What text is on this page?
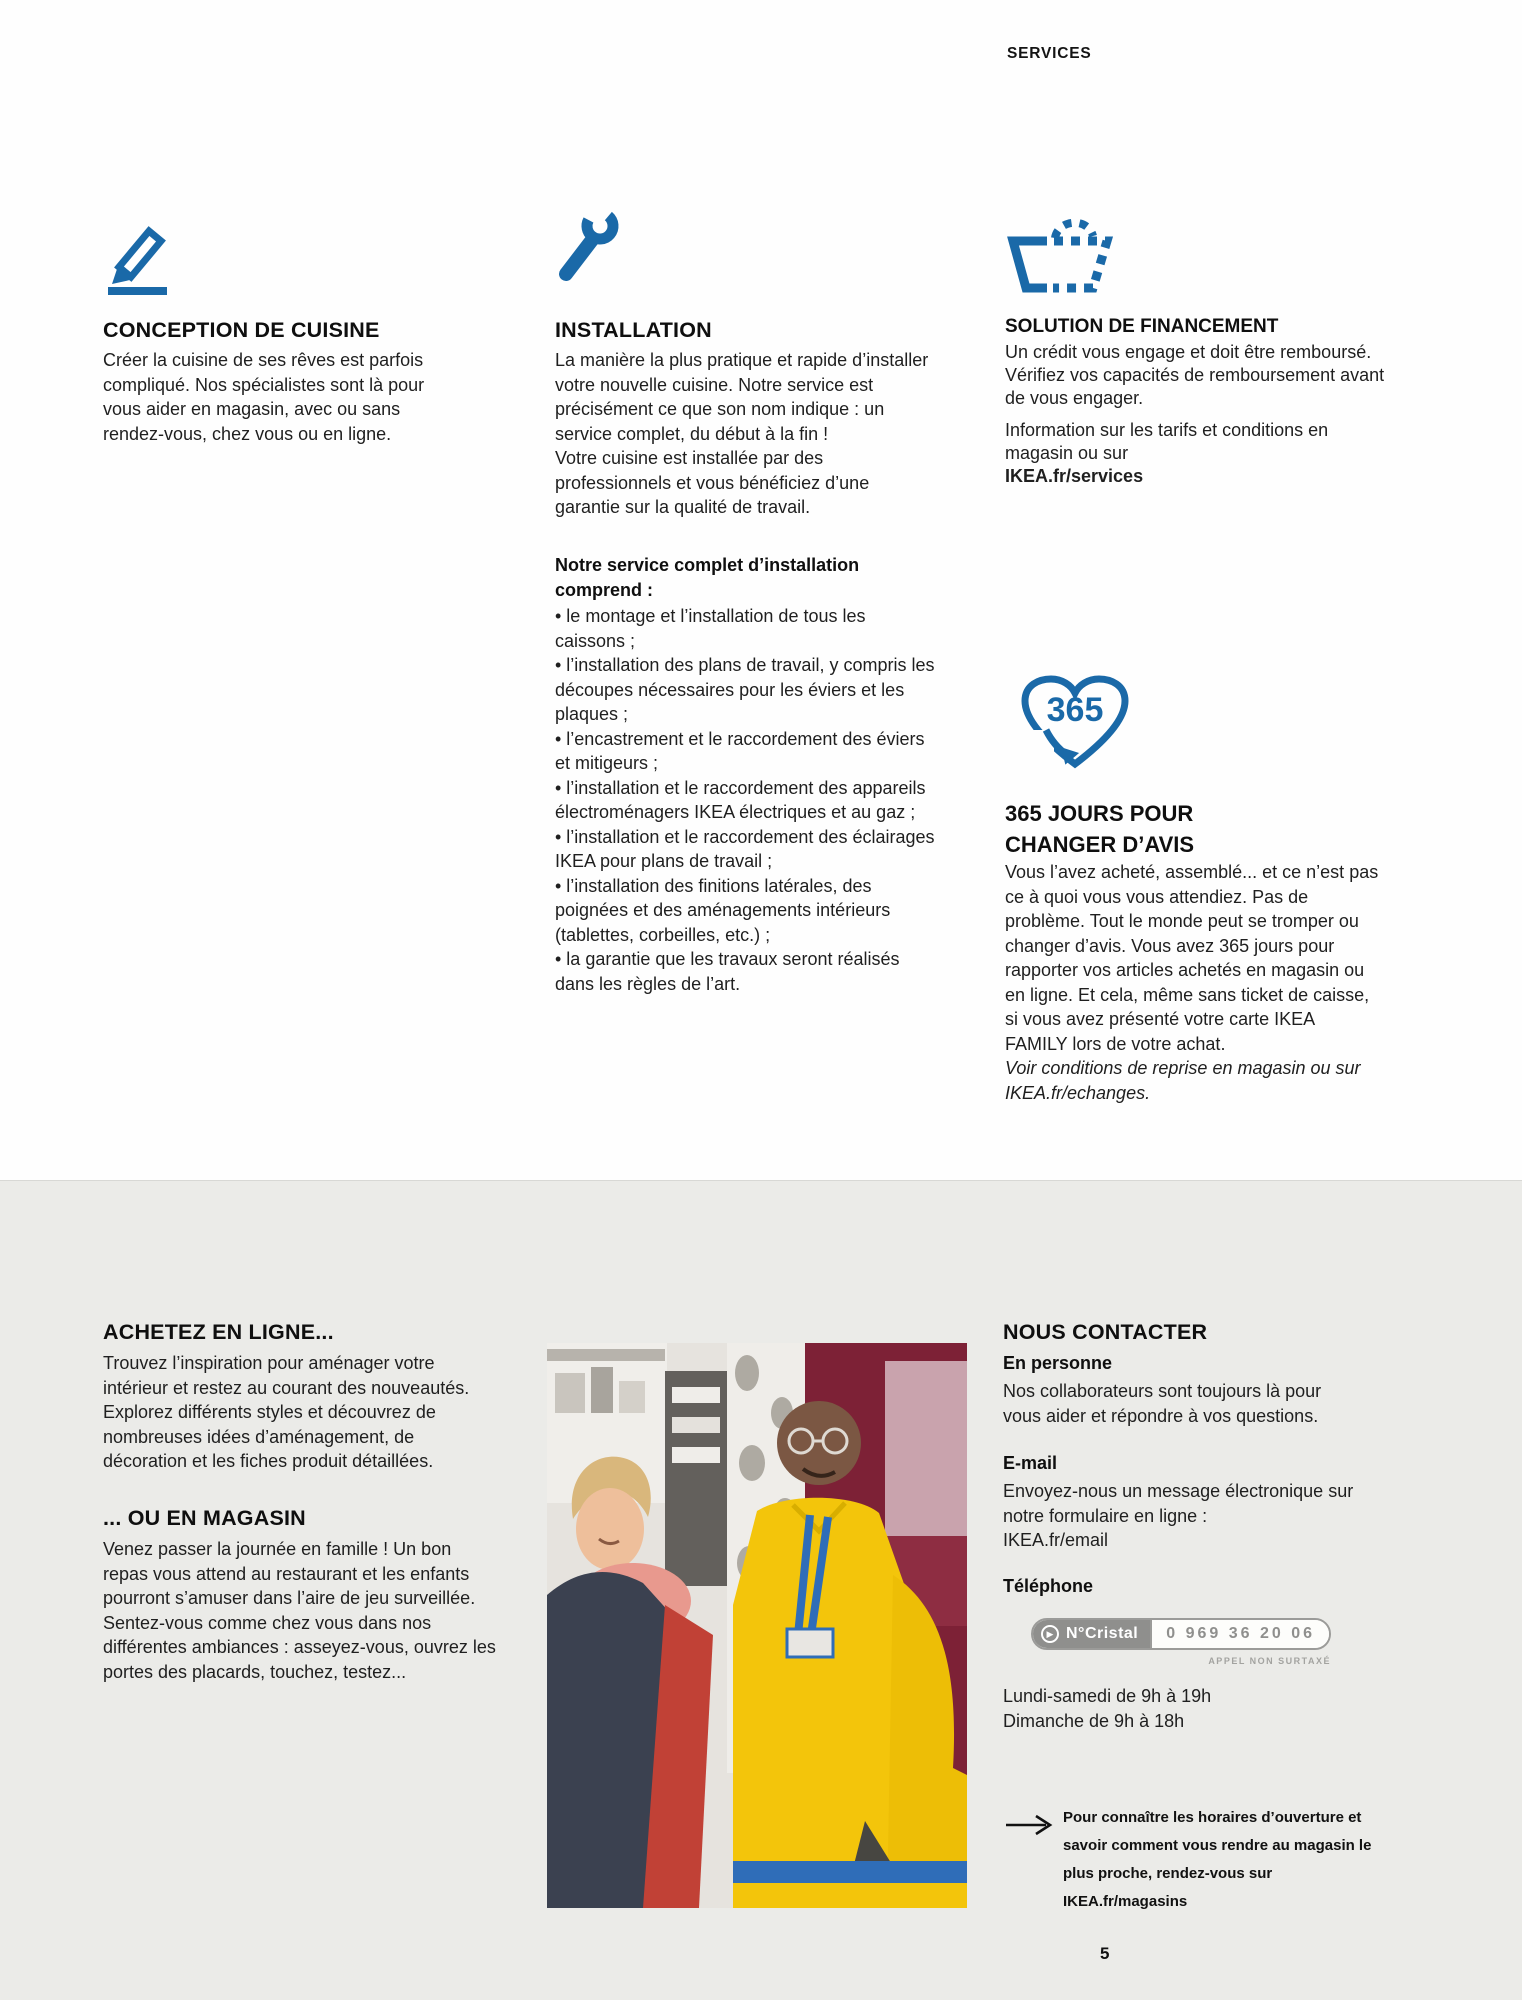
SERVICES
CONCEPTION DE CUISINE
Créer la cuisine de ses rêves est parfois compliqué. Nos spécialistes sont là pour vous aider en magasin, avec ou sans rendez-vous, chez vous ou en ligne.
INSTALLATION
La manière la plus pratique et rapide d’installer votre nouvelle cuisine. Notre service est précisément ce que son nom indique : un service complet, du début à la fin !
Votre cuisine est installée par des professionnels et vous bénéficiez d’une garantie sur la qualité de travail.
Notre service complet d’installation comprend :
• le montage et l’installation de tous les caissons ;
• l’installation des plans de travail, y compris les découpes nécessaires pour les éviers et les plaques ;
• l’encastrement et le raccordement des éviers et mitigeurs ;
• l’installation et le raccordement des appareils électroménagers IKEA électriques et au gaz ;
• l’installation et le raccordement des éclairages IKEA pour plans de travail ;
• l’installation des finitions latérales, des poignées et des aménagements intérieurs (tablettes, corbeilles, etc.) ;
• la garantie que les travaux seront réalisés dans les règles de l’art.
SOLUTION DE FINANCEMENT
Un crédit vous engage et doit être remboursé. Vérifiez vos capacités de remboursement avant de vous engager.
Information sur les tarifs et conditions en magasin ou sur
IKEA.fr/services
365
365 JOURS POUR
CHANGER D’AVIS
Vous l’avez acheté, assemblé... et ce n’est pas ce à quoi vous vous attendiez. Pas de problème. Tout le monde peut se tromper ou changer d’avis. Vous avez 365 jours pour rapporter vos articles achetés en magasin ou en ligne. Et cela, même sans ticket de caisse, si vous avez présenté votre carte IKEA FAMILY lors de votre achat.
Voir conditions de reprise en magasin ou sur IKEA.fr/echanges.
ACHETEZ EN LIGNE...
Trouvez l’inspiration pour aménager votre intérieur et restez au courant des nouveautés. Explorez différents styles et découvrez de nombreuses idées d’aménagement, de décoration et les fiches produit détaillées.
... OU EN MAGASIN
Venez passer la journée en famille ! Un bon repas vous attend au restaurant et les enfants pourront s’amuser dans l’aire de jeu surveillée. Sentez-vous comme chez vous dans nos différentes ambiances : asseyez-vous, ouvrez les portes des placards, touchez, testez...
NOUS CONTACTER
En personne
Nos collaborateurs sont toujours là pour vous aider et répondre à vos questions.
E-mail
Envoyez-nous un message électronique sur notre formulaire en ligne :
IKEA.fr/email
Téléphone
▶ N°Cristal	0 969 36 20 06
APPEL NON SURTAXÉ
Lundi-samedi de 9h à 19h
Dimanche de 9h à 18h
Pour connaître les horaires d’ouverture et savoir comment vous rendre au magasin le plus proche, rendez-vous sur IKEA.fr/magasins
5
